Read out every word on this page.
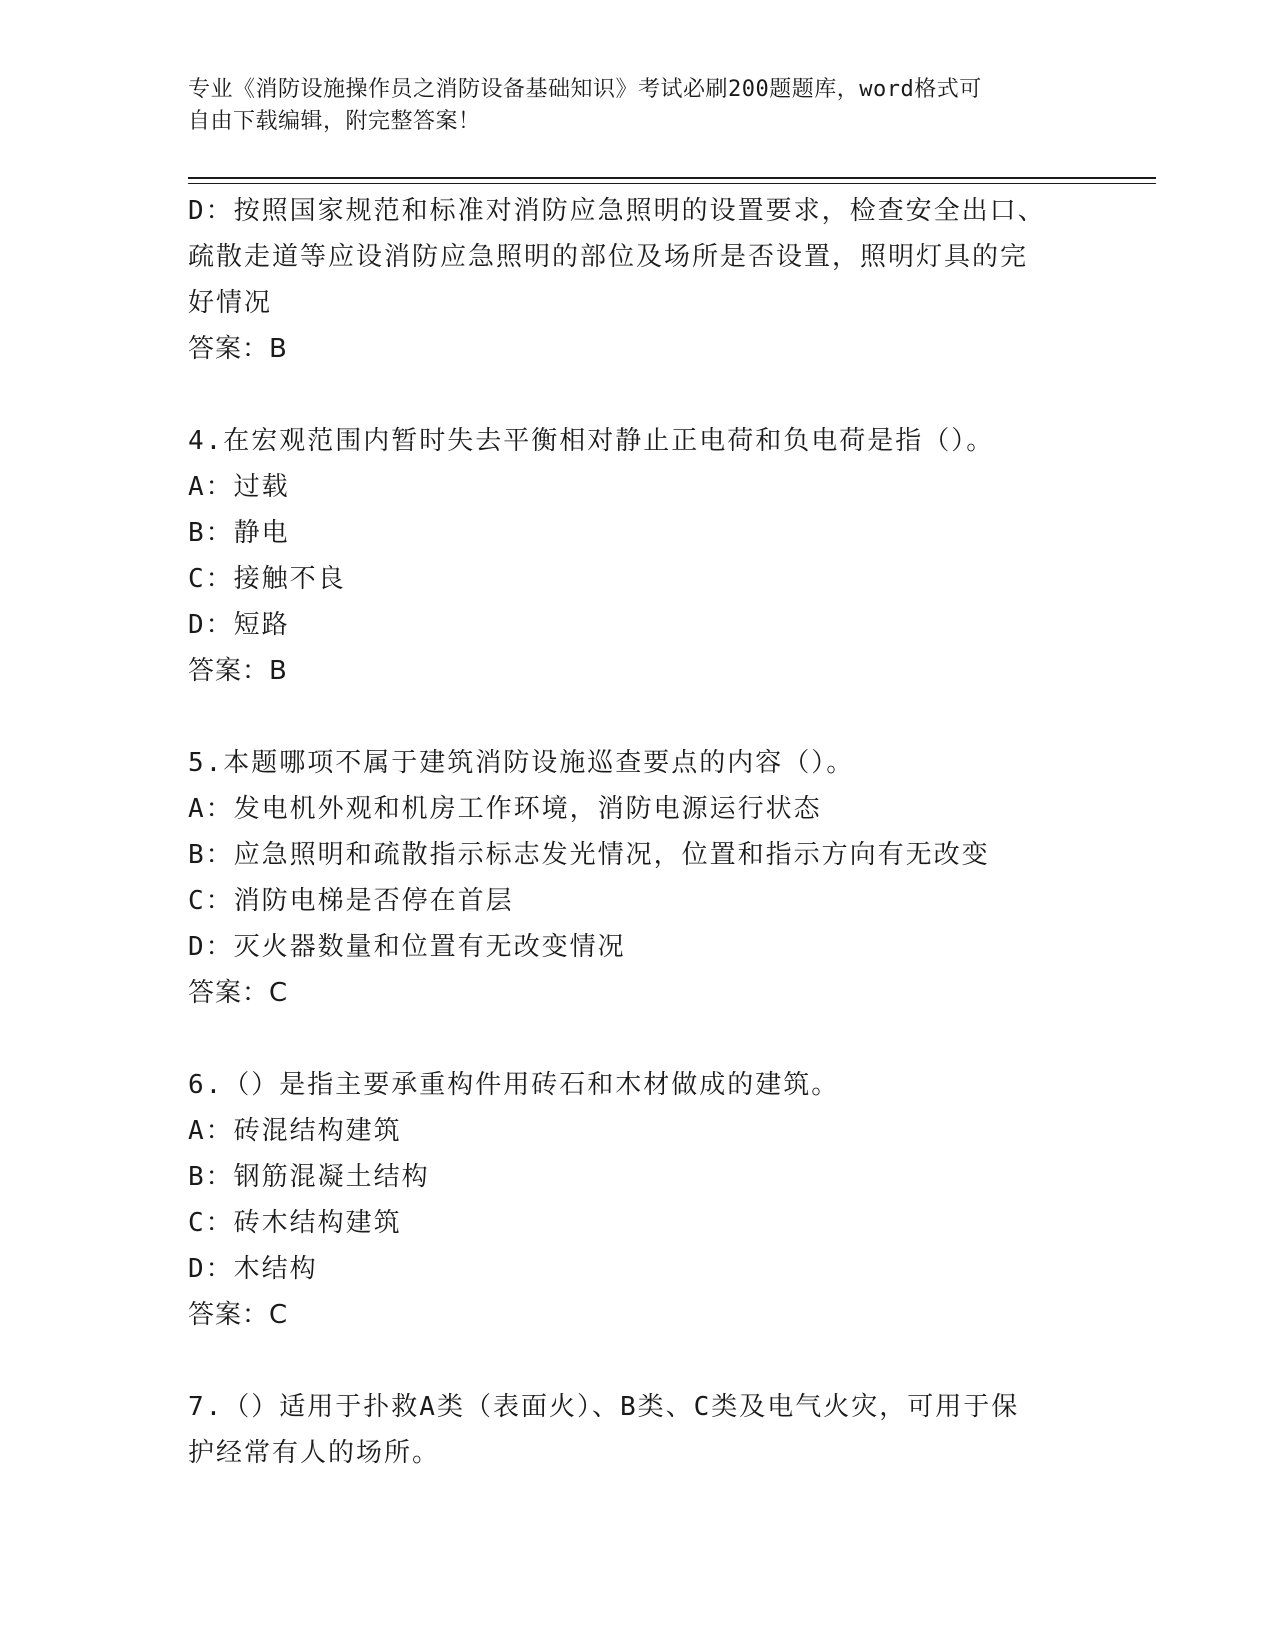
专业《消防设施操作员之消防设备基础知识》考试必刷200题题库，word格式可
自由下载编辑，附完整答案！
D：按照国家规范和标准对消防应急照明的设置要求，检查安全出口、
疏散走道等应设消防应急照明的部位及场所是否设置，照明灯具的完
好情况
答案：B
4.在宏观范围内暂时失去平衡相对静止正电荷和负电荷是指（）。
A：过载
B：静电
C：接触不良
D：短路
答案：B
5.本题哪项不属于建筑消防设施巡查要点的内容（）。
A：发电机外观和机房工作环境，消防电源运行状态
B：应急照明和疏散指示标志发光情况，位置和指示方向有无改变
C：消防电梯是否停在首层
D：灭火器数量和位置有无改变情况
答案：C
6.（）是指主要承重构件用砖石和木材做成的建筑。
A：砖混结构建筑
B：钢筋混凝土结构
C：砖木结构建筑
D：木结构
答案：C
7.（）适用于扑救A类（表面火）、B类、C类及电气火灾，可用于保
护经常有人的场所。
